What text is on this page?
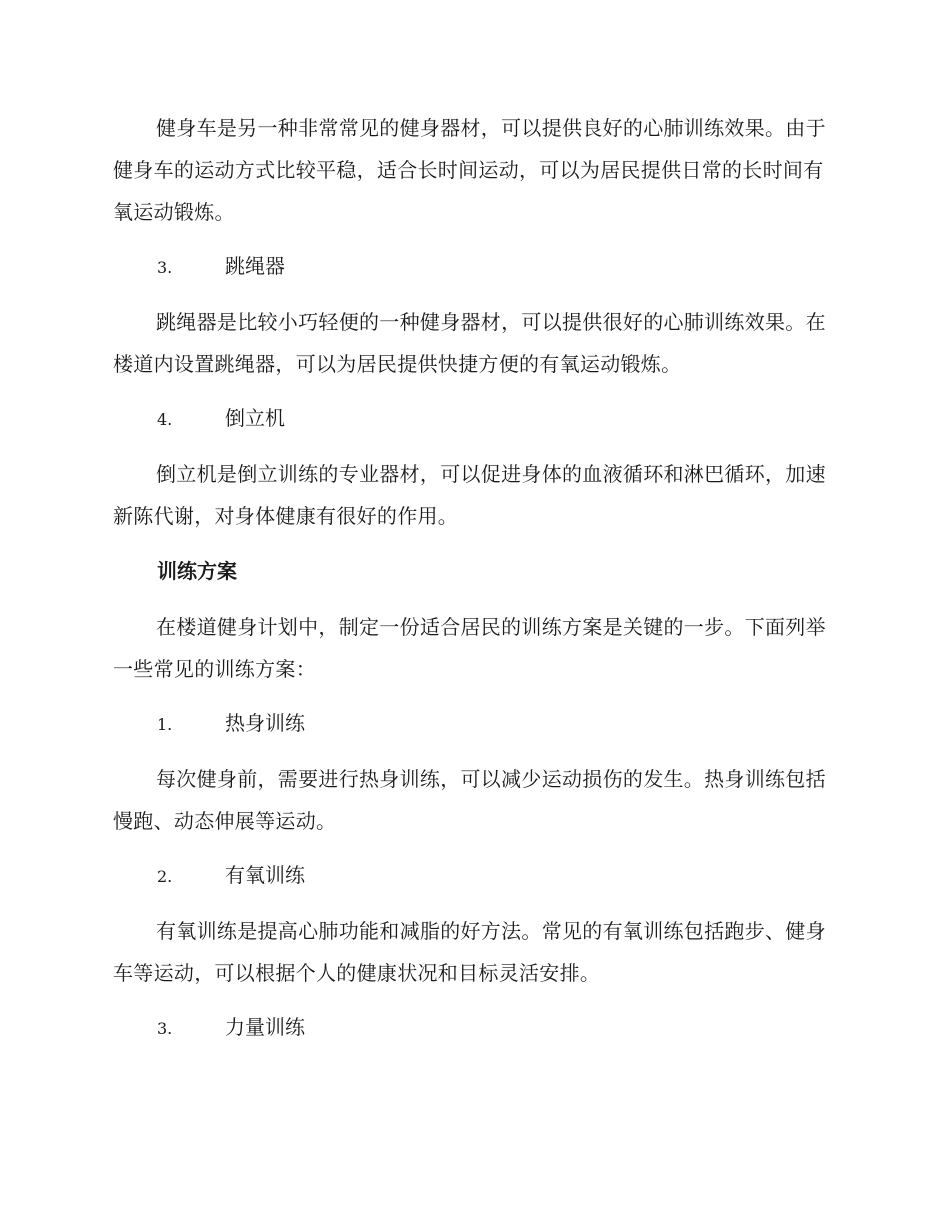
健身车是另一种非常常见的健身器材，可以提供良好的心肺训练效果。由于健身车的运动方式比较平稳，适合长时间运动，可以为居民提供日常的长时间有氧运动锻炼。

3.	跳绳器

跳绳器是比较小巧轻便的一种健身器材，可以提供很好的心肺训练效果。在楼道内设置跳绳器，可以为居民提供快捷方便的有氧运动锻炼。

4.	倒立机

倒立机是倒立训练的专业器材，可以促进身体的血液循环和淋巴循环，加速新陈代谢，对身体健康有很好的作用。

训练方案

在楼道健身计划中，制定一份适合居民的训练方案是关键的一步。下面列举一些常见的训练方案：

1.	热身训练

每次健身前，需要进行热身训练，可以减少运动损伤的发生。热身训练包括慢跑、动态伸展等运动。

2.	有氧训练

有氧训练是提高心肺功能和减脂的好方法。常见的有氧训练包括跑步、健身车等运动，可以根据个人的健康状况和目标灵活安排。

3.	力量训练
